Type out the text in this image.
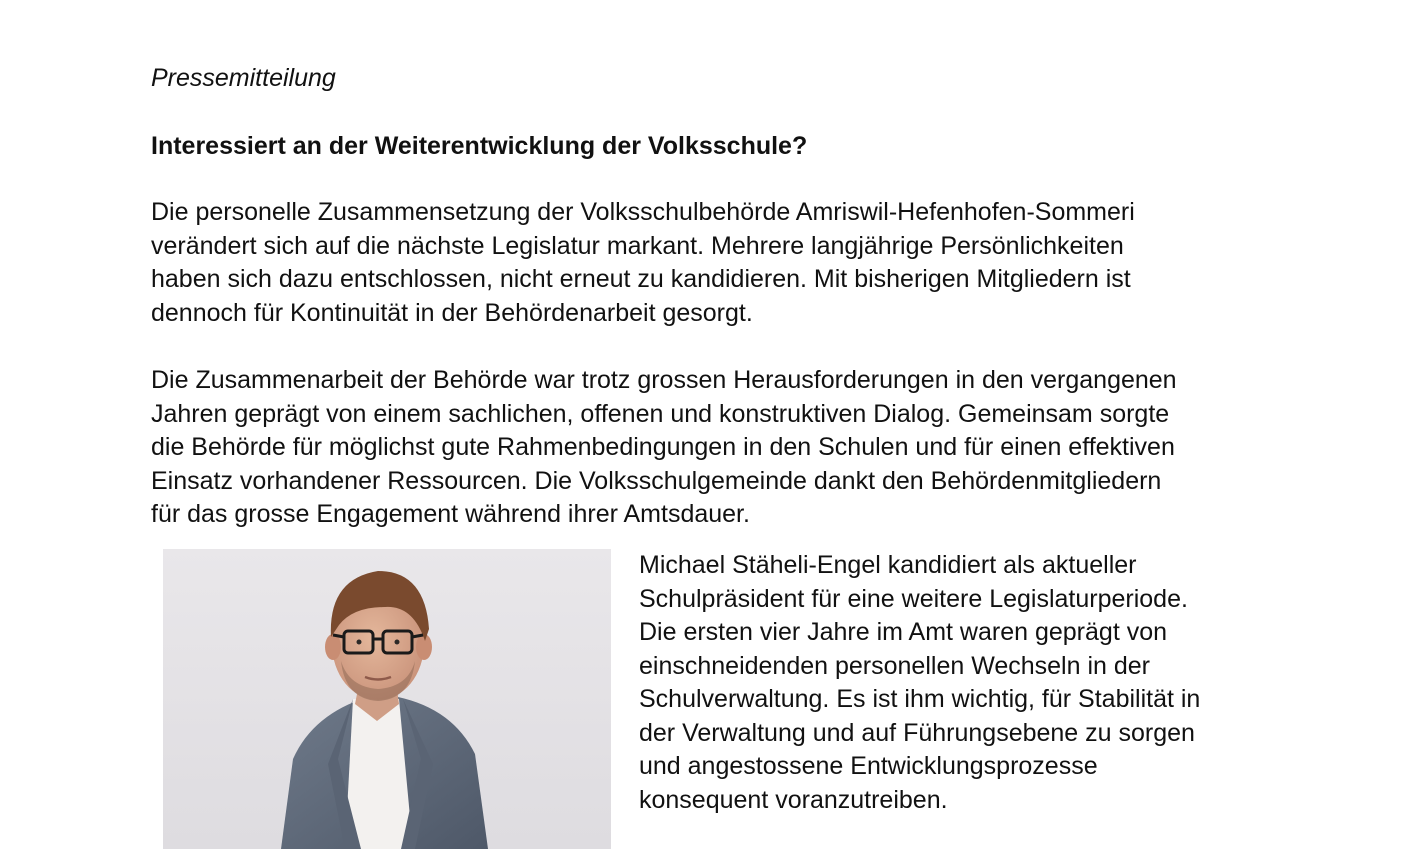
Pressemitteilung
Interessiert an der Weiterentwicklung der Volksschule?
Die personelle Zusammensetzung der Volksschulbehörde Amriswil-Hefenhofen-Sommeri
verändert sich auf die nächste Legislatur markant. Mehrere langjährige Persönlichkeiten
haben sich dazu entschlossen, nicht erneut zu kandidieren. Mit bisherigen Mitgliedern ist
dennoch für Kontinuität in der Behördenarbeit gesorgt.
Die Zusammenarbeit der Behörde war trotz grossen Herausforderungen in den vergangenen
Jahren geprägt von einem sachlichen, offenen und konstruktiven Dialog. Gemeinsam sorgte
die Behörde für möglichst gute Rahmenbedingungen in den Schulen und für einen effektiven
Einsatz vorhandener Ressourcen. Die Volksschulgemeinde dankt den Behördenmitgliedern
für das grosse Engagement während ihrer Amtsdauer.
Michael Stäheli-Engel kandidiert als aktueller
Schulpräsident für eine weitere Legislaturperiode.
Die ersten vier Jahre im Amt waren geprägt von
einschneidenden personellen Wechseln in der
Schulverwaltung. Es ist ihm wichtig, für Stabilität in
der Verwaltung und auf Führungsebene zu sorgen
und angestossene Entwicklungsprozesse
konsequent voranzutreiben.
